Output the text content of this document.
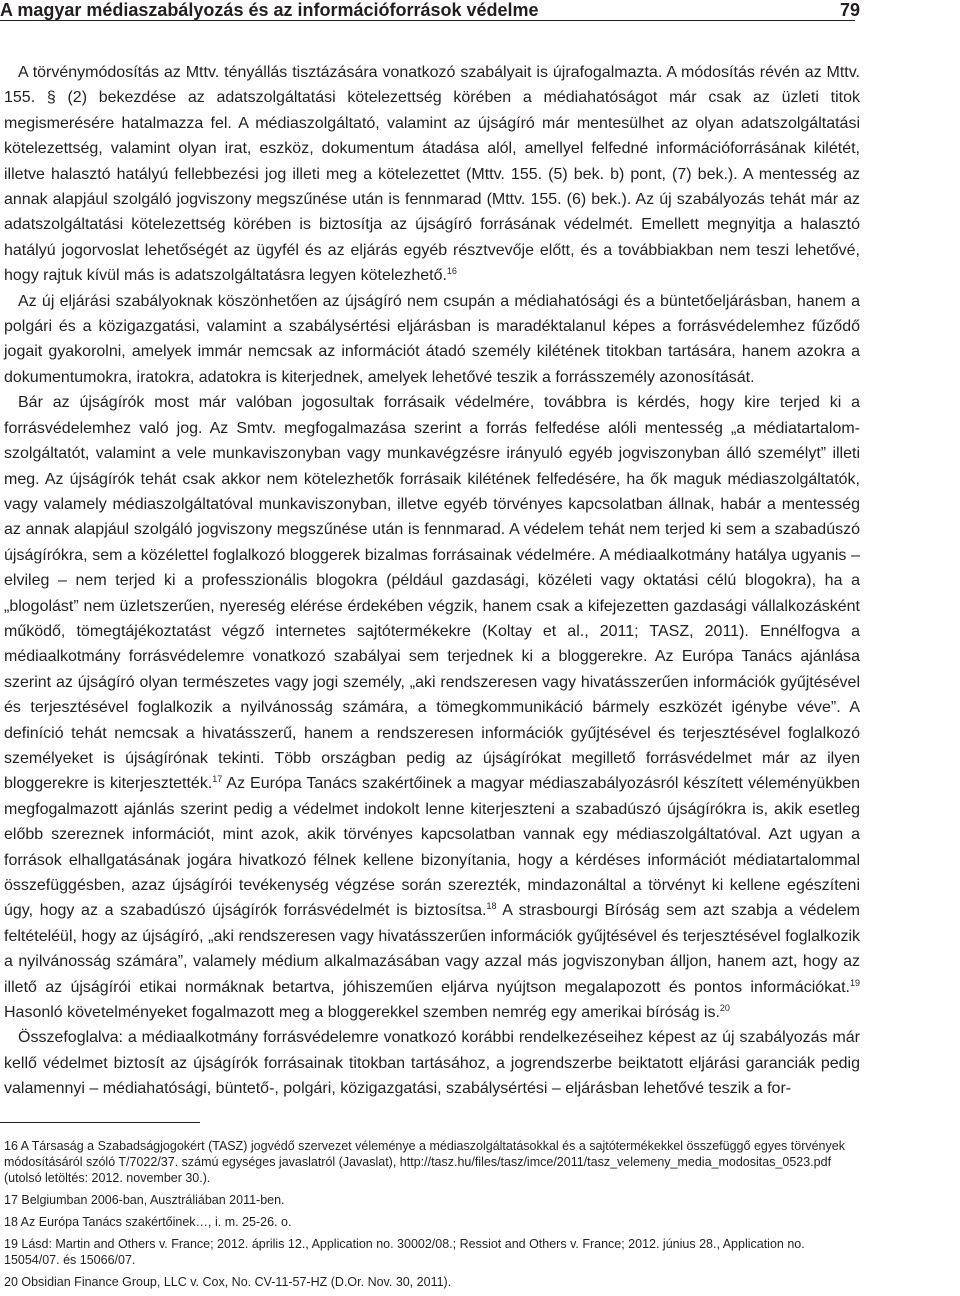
A magyar médiaszabályozás és az információforrások védelme	79

A törvénymódosítás az Mttv. tényállás tisztázására vonatkozó szabályait is újrafogalmazta. A módosítás révén az Mttv. 155. § (2) bekezdése az adatszolgáltatási kötelezettség körében a médiahatóságot már csak az üzleti titok megismerésére hatalmazza fel. A médiaszolgáltató, valamint az újságíró már mentesülhet az olyan adatszolgáltatási kötelezettség, valamint olyan irat, eszköz, dokumentum átadása alól, amellyel felfedné információforrásának kilétét, illetve halasztó hatályú fellebbezési jog illeti meg a kötelezettet (Mttv. 155. (5) bek. b) pont, (7) bek.). A mentesség az annak alapjául szolgáló jogviszony megszűnése után is fennmarad (Mttv. 155. (6) bek.). Az új szabályozás tehát már az adatszolgáltatási kötelezettség körében is biztosítja az újságíró forrásának védelmét. Emellett megnyitja a halasztó hatályú jogorvoslat lehetőségét az ügyfél és az eljárás egyéb résztvevője előtt, és a továbbiakban nem teszi lehetővé, hogy rajtuk kívül más is adatszolgáltatásra legyen kötelezhető.$^{16}$

Az új eljárási szabályoknak köszönhetően az újságíró nem csupán a médiahatósági és a büntetőeljárásban, hanem a polgári és a közigazgatási, valamint a szabálysértési eljárásban is maradéktalanul képes a forrásvédelemhez fűződő jogait gyakorolni, amelyek immár nemcsak az információt átadó személy kilétének titokban tartására, hanem azokra a dokumentumokra, iratokra, adatokra is kiterjednek, amelyek lehetővé teszik a forrásszemély azonosítását.

Bár az újságírók most már valóban jogosultak forrásaik védelmére, továbbra is kérdés, hogy kire terjed ki a forrásvédelemhez való jog. Az Smtv. megfogalmazása szerint a forrás felfedése alóli mentesség „a médiatartalom-szolgáltatót, valamint a vele munkaviszonyban vagy munkavégzésre irányuló egyéb jogviszonyban álló személyt” illeti meg. Az újságírók tehát csak akkor nem kötelezhetők forrásaik kilétének felfedésére, ha ők maguk médiaszolgáltatók, vagy valamely médiaszolgáltatóval munkaviszonyban, illetve egyéb törvényes kapcsolatban állnak, habár a mentesség az annak alapjául szolgáló jogviszony megszűnése után is fennmarad. A védelem tehát nem terjed ki sem a szabadúszó újságírókra, sem a közélettel foglalkozó bloggerek bizalmas forrásainak védelmére. A médiaalkotmány hatálya ugyanis – elvileg – nem terjed ki a professzionális blogokra (például gazdasági, közéleti vagy oktatási célú blogokra), ha a „blogolást” nem üzletszerűen, nyereség elérése érdekében végzik, hanem csak a kifejezetten gazdasági vállalkozásként működő, tömegtájékoztatást végző internetes sajtótermékekre (Koltay et al., 2011; TASZ, 2011). Ennélfogva a médiaalkotmány forrásvédelemre vonatkozó szabályai sem terjednek ki a bloggerekre. Az Európa Tanács ajánlása szerint az újságíró olyan természetes vagy jogi személy, „aki rendszeresen vagy hivatásszerűen információk gyűjtésével és terjesztésével foglalkozik a nyilvánosság számára, a tömegkommunikáció bármely eszközét igénybe véve”. A definíció tehát nemcsak a hivatásszerű, hanem a rendszeresen információk gyűjtésével és terjesztésével foglalkozó személyeket is újságírónak tekinti. Több országban pedig az újságírókat megillető forrásvédelmet már az ilyen bloggerekre is kiterjesztették.$^{17}$ Az Európa Tanács szakértőinek a magyar médiaszabályozásról készített véleményükben megfogalmazott ajánlás szerint pedig a védelmet indokolt lenne kiterjeszteni a szabadúszó újságírókra is, akik esetleg előbb szereznek információt, mint azok, akik törvényes kapcsolatban vannak egy médiaszolgáltatóval. Azt ugyan a források elhallgatásának jogára hivatkozó félnek kellene bizonyítania, hogy a kérdéses információt médiatartalommal összefüggésben, azaz újságírói tevékenység végzése során szerezték, mindazonáltal a törvényt ki kellene egészíteni úgy, hogy az a szabadúszó újságírók forrásvédelmét is biztosítsa.$^{18}$ A strasbourgi Bíróság sem azt szabja a védelem feltételéül, hogy az újságíró, „aki rendszeresen vagy hivatásszerűen információk gyűjtésével és terjesztésével foglalkozik a nyilvánosság számára”, valamely médium alkalmazásában vagy azzal más jogviszonyban álljon, hanem azt, hogy az illető az újságírói etikai normáknak betartva, jóhiszeműen eljárva nyújtson megalapozott és pontos információkat.$^{19}$ Hasonló követelményeket fogalmazott meg a bloggerekkel szemben nemrég egy amerikai bíróság is.$^{20}$

Összefoglalva: a médiaalkotmány forrásvédelemre vonatkozó korábbi rendelkezéseihez képest az új szabályozás már kellő védelmet biztosít az újságírók forrásainak titokban tartásához, a jogrendszerbe beiktatott eljárási garanciák pedig valamennyi – médiahatósági, büntető-, polgári, közigazgatási, szabálysértési – eljárásban lehetővé teszik a for-

16 A Társaság a Szabadságjogokért (TASZ) jogvédő szervezet véleménye a médiaszolgáltatásokkal és a sajtótermékekkel összefüggő egyes törvények módosításáról szóló T/7022/37. számú egységes javaslatról (Javaslat), http://tasz.hu/files/tasz/imce/2011/tasz_velemeny_media_modositas_0523.pdf (utolsó letöltés: 2012. november 30.).

17 Belgiumban 2006-ban, Ausztráliában 2011-ben.

18 Az Európa Tanács szakértőinek…, i. m. 25-26. o.

19 Lásd: Martin and Others v. France; 2012. április 12., Application no. 30002/08.; Ressiot and Others v. France; 2012. június 28., Application no. 15054/07. és 15066/07.

20 Obsidian Finance Group, LLC v. Cox, No. CV-11-57-HZ (D.Or. Nov. 30, 2011).
